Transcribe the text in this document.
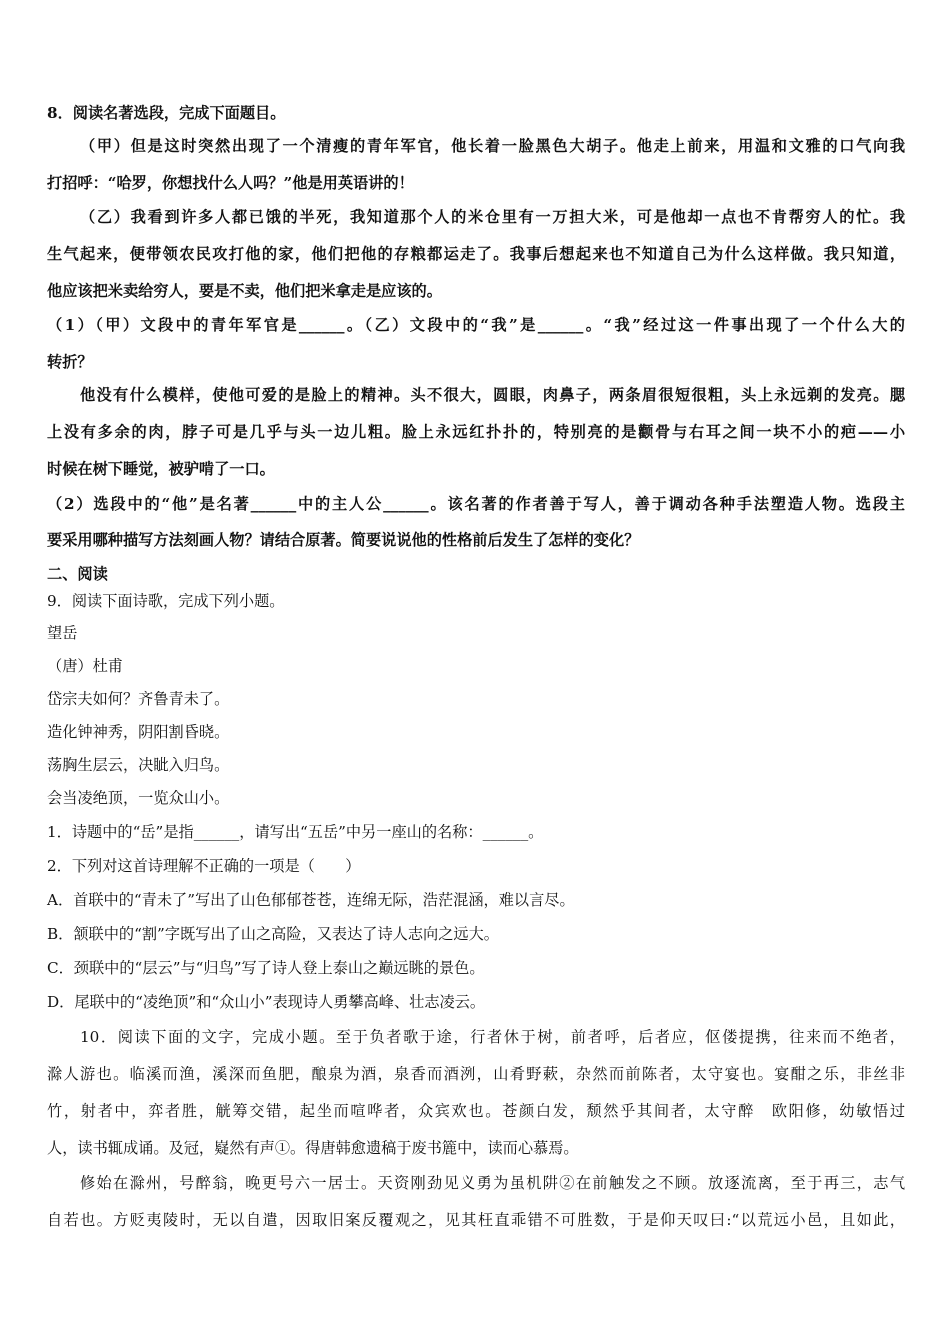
8．阅读名著选段，完成下面题目。
（甲）但是这时突然出现了一个清瘦的青年军官，他长着一脸黑色大胡子。他走上前来，用温和文雅的口气向我
打招呼：“哈罗，你想找什么人吗？”他是用英语讲的！
（乙）我看到许多人都已饿的半死，我知道那个人的米仓里有一万担大米，可是他却一点也不肯帮穷人的忙。我
生气起来，便带领农民攻打他的家，他们把他的存粮都运走了。我事后想起来也不知道自己为什么这样做。我只知道，
他应该把米卖给穷人，要是不卖，他们把米拿走是应该的。
（1）（甲）文段中的青年军官是______。（乙）文段中的“我”是______。“我”经过这一件事出现了一个什么大的
转折？
他没有什么模样，使他可爱的是脸上的精神。头不很大，圆眼，肉鼻子，两条眉很短很粗，头上永远剃的发亮。腮
上没有多余的肉，脖子可是几乎与头一边儿粗。脸上永远红扑扑的，特别亮的是颧骨与右耳之间一块不小的疤——小
时候在树下睡觉，被驴啃了一口。
（2）选段中的“他”是名著______中的主人公______。该名著的作者善于写人，善于调动各种手法塑造人物。选段主
要采用哪种描写方法刻画人物？请结合原著。简要说说他的性格前后发生了怎样的变化？
二、阅读
9．阅读下面诗歌，完成下列小题。
望岳
（唐）杜甫
岱宗夫如何？齐鲁青未了。
造化钟神秀，阴阳割昏晓。
荡胸生层云，决眦入归鸟。
会当凌绝顶，一览众山小。
1．诗题中的“岳”是指______，请写出“五岳”中另一座山的名称：______。
2．下列对这首诗理解不正确的一项是（　　）
A．首联中的“青未了”写出了山色郁郁苍苍，连绵无际，浩茫混涵，难以言尽。
B．颔联中的“割”字既写出了山之高险，又表达了诗人志向之远大。
C．颈联中的“层云”与“归鸟”写了诗人登上泰山之巅远眺的景色。
D．尾联中的“凌绝顶”和“众山小”表现诗人勇攀高峰、壮志凌云。
10．阅读下面的文字，完成小题。至于负者歌于途，行者休于树，前者呼，后者应，伛偻提携，往来而不绝者，
滁人游也。临溪而渔，溪深而鱼肥，酿泉为酒，泉香而酒洌，山肴野蔌，杂然而前陈者，太守宴也。宴酣之乐，非丝非
竹，射者中，弈者胜，觥筹交错，起坐而喧哗者，众宾欢也。苍颜白发，颓然乎其间者，太守醉　欧阳修，幼敏悟过
人，读书辄成诵。及冠，嶷然有声①。得唐韩愈遗稿于废书簏中，读而心慕焉。
修始在滁州，号醉翁，晚更号六一居士。天资刚劲见义勇为虽机阱②在前触发之不顾。放逐流离，至于再三，志气
自若也。方贬夷陵时，无以自遣，因取旧案反覆观之，见其枉直乖错不可胜数，于是仰天叹曰:“以荒远小邑，且如此，
